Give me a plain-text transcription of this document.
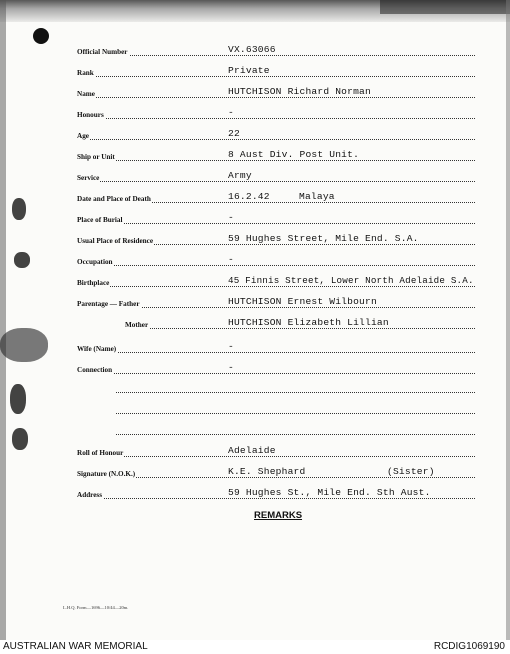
Official Number	VX.63066
Rank	Private
Name	HUTCHISON Richard Norman
Honours	-
Age	22
Ship or Unit	8 Aust Div. Post Unit.
Service	Army
Date and Place of Death	16.2.42	Malaya
Place of Burial	-
Usual Place of Residence	59 Hughes Street, Mile End. S.A.
Occupation	-
Birthplace	45 Finnis Street, Lower North Adelaide S.A.
Parentage — Father	HUTCHISON Ernest Wilbourn
Mother	HUTCHISON Elizabeth Lillian
Wife (Name)	-
Connection	-
Roll of Honour	Adelaide
Signature (N.O.K.)	K.E. Shephard	(Sister)
Address	59 Hughes St., Mile End. Sth Aust.
REMARKS
L.H.Q. Form—1696—10/44—20m.
AUSTRALIAN WAR MEMORIAL	RCDIG1069190
